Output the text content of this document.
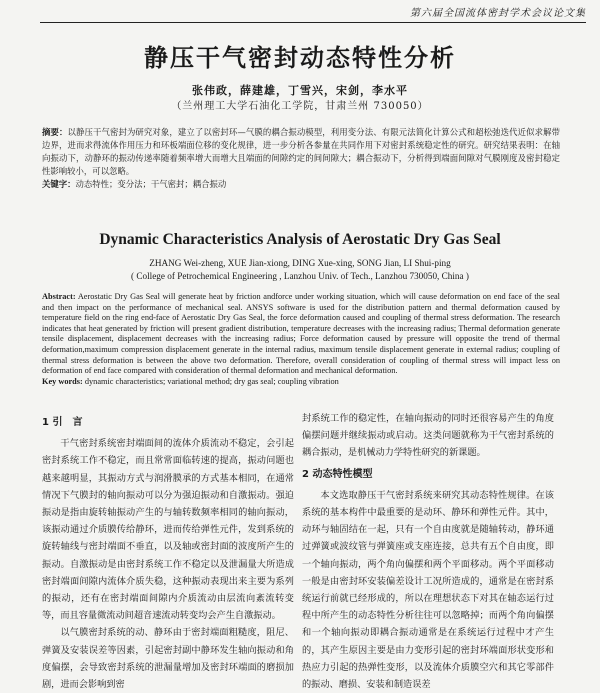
第六届全国流体密封学术会议论文集
静压干气密封动态特性分析
张伟政，薛建雄，丁雪兴，宋剑，李水平
（兰州理工大学石油化工学院，甘肃兰州 730050）
摘要：以静压干气密封为研究对象，建立了以密封环—气膜的耦合振动模型，利用变分法、有限元法简化计算公式和超松弛迭代近似求解带边界，进而求得流体作用压力和环板端面位移的变化规律，进一步分析各参量在共同作用下对密封系统稳定性的研究。研究结果表明：在轴向振动下，动静环的振动传递率随着频率增大而增大且端面的间隙约定的间间隙大；耦合振动下，分析得到端面间隙对气膜刚度及密封稳定性影响较小，可以忽略。
关键字：动态特性；变分法；干气密封；耦合振动
Dynamic Characteristics Analysis of Aerostatic Dry Gas Seal
ZHANG Wei-zheng, XUE Jian-xiong, DING Xue-xing, SONG Jian, LI Shui-ping
( College of Petrochemical Engineering , Lanzhou Univ. of Tech., Lanzhou 730050, China )
Abstract: Aerostatic Dry Gas Seal will generate heat by friction andforce under working situation, which will cause deformation on end face of the seal and then impact on the performance of mechanical seal. ANSYS software is used for the distribution pattern and thermal deformation caused by temperature field on the ring end-face of Aerostatic Dry Gas Seal, the force deformation caused and coupling of thermal stress deformation. The research indicates that heat generated by friction will present gradient distribution, temperature decreases with the increasing radius; Thermal deformation generate tensile displacement, displacement decreases with the increasing radius; Force deformation caused by pressure will opposite the trend of thermal deformation,maximum compression displacement generate in the internal radius, maximum tensile displacement generate in external radius; coupling of thermal stress deformation is between the above two deformation. Therefore, overall consideration of coupling of thermal stress will impact less on deformation of end face compared with consideration of thermal deformation and mechanical deformation.
Key words: dynamic characteristics; variational method; dry gas seal; coupling vibration
1 引　言

干气密封系统密封端面间的流体介质流动不稳定，会引起密封系统工作不稳定，而且常常面临转速的提高，振动问题也越来越明显，其振动方式与润滑膜承的方式基本相同，在通常情况下气膜封的轴向振动可以分为强迫振动和自激振动。强迫振动是指由旋转轴振动产生的与轴转数频率相同的轴向振动，该振动通过介质膜传给静环，进而传给弹性元件，发到系统的旋转轴线与密封端面不垂直，以及轴或密封面的波度所产生的振动。自激振动是由密封系统工作不稳定以及泄漏量大所造成密封端面间隙内流体介质失稳，这种振动表现出来主要为系列的振动，还有在密封端面间隙内介质流动由层流向紊流转变等，而且容量微流动间超音速流动转变均会产生自激振动。

以气膜密封系统的动、静环由于密封端面粗糙度，阻尼、弹簧及安装误差等因素，引起密封副中静环发生轴向振动和角度偏摆，会导致密封系统的泄漏量增加及密封环端面的磨损加剧，进而会影响到密

封系统工作的稳定性，在轴向振动的同时还很容易产生的角度偏摆问题并继续振动或启动。这类问题就称为干气密封系统的耦合振动，是机械动力学特性研究的新课题。

2 动态特性模型

本文选取静压干气密封系统来研究其动态特性规律。在该系统的基本构件中最重要的是动环、静环和弹性元件。其中，动环与轴固结在一起，只有一个自由度就是随轴转动，静环通过弹簧或波纹管与弹簧座或支座连接，总共有五个自由度，即一个轴向振动，两个角向偏摆和两个平面移动。两个平面移动一般是由密封环安装偏差设计工况所造成的，通常是在密封系统运行前就已经形成的，所以在理想状态下对其在轴态运行过程中所产生的动态特性分析往往可以忽略掉；而两个角向偏摆和一个轴向振动即耦合振动通常是在系统运行过程中才产生的，其产生原因主要是由力变形引起的密封环端面形状变形和热应力引起的热弹性变形，以及流体介质膜空穴和其它零部件的振动、磨损、安装和制造误差
